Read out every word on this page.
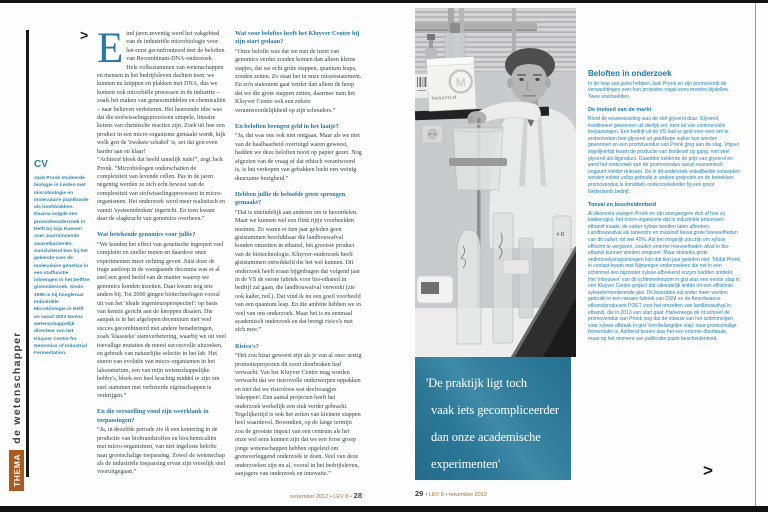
THEMA
de wetenschapper
>

CV

Jack Pronk studeerde biologie in Leiden met microbiologie en moleculaire plantkunde als hoofdvakken. Daarna volgde een promotieonderzoek in Delft bij Gijs Kuenen over zuurminnende zwavelbacteriën. Aansluitend kon hij het geleerde over de moleculaire genetica in een staffunctie inbrengen in het Delftse gistonderzoek. Sinds 1999 is hij hoogleraar Industriële Microbiologie in Delft en vanaf 2003 tevens wetenschappelijk directeur van het Kluyver Centre for Genomics of Industrial Fermentation.

Eind jaren zeventig werd het vakgebied van de industriële microbiologie voor het eerst geconfronteerd met de beloften van Recombinant-DNA-onderzoek. Hele volksstammen van wetenschappen en mensen in het bedrijfsleven dachten toen: we kunnen nu knippen en plakken met DNA, dus we kunnen ook microbiële processen in de industrie – zoals het maken van geneesmiddelen en chemicaliën – naar believen verbeteren. Het heersende idee was dat die stofwisselingsprocessen simpele, lineaire ketens van chemische reacties zijn. Zoek uit hoe een product in een micro-organisme gemaakt wordt, kijk welk gen de 'zwakste schakel' is, zet dat gen even harder aan en klaar!

“Achteraf bleek dat beeld tamelijk naïef”, zegt Jack Pronk. “Microbiologen onderschatten de complexiteit van levende cellen. Pas in de jaren negentig werden ze zich echt bewust van de complexiteit van stofwisselingsprocessen in micro-organismen. Het onderzoek werd meer realistisch en vanuit 'systeemdenken' ingericht. En toen kwam daar de slagkracht van genomics overheen.”

Wat betekende genomics voor jullie?

“We konden het effect van genetische ingrepen veel completer en sneller meten en daardoor onze experimenten meer richting geven. Juist door de trage aanloop in de voorgaande decennia was er al snel een goed beeld van de manier waarop we genomics konden inzetten. Daar kwam nog iets anders bij. Tot 2000 gingen biotechnologen vooral uit van het 'ideale ingenieursperspectief': op basis van kennis gericht aan de knoppen draaien. Die aanpak is in het afgelopen decennium met veel succes gecombineerd met andere benaderingen, zoals 'klassieke' stamverbetering, waarbij we uit veel toevallige mutaties de meest succesvolle uitzoeken, en gebruik van natuurlijke selectie in het lab. Het sturen van evolutie van micro-organismen in het laboratorium, een van mijn wetenschappelijke hobby's, bleek een heel krachtig middel te zijn om snel stammen met verbeterde eigenschappen te verkrijgen.”

En die versnelling vond zijn weerklank in toepassingen?

“Ja, in dezelfde periode zie ik een kentering in de productie van biobrandstoffen en biochemicaliën met micro-organismen, van niet ingeloste belofte naar grootschalige toepassing. Zowel de wetenschap als de industriële toepassing ervan zijn vreselijk snel vooruitgegaan.”

Wat voor beloftes heeft het Kluyver Centre bij zijn start gedaan?

“Onze belofte was dat we met de inzet van genomics verder zouden komen dan alleen kleine stapjes, dat we echt gróte stappen, quantum leaps, zouden zetten. Zo staat het in onze missiestatement. En zo'n statement gaat verder dan alleen de hoop dat we die grote stappen zetten, daarmee nam het Kluyver Centre ook een zekere verantwoordelijkheid op zijn schouders.”

En beloften brengen geld in het laatje?

“Ja, dat was ons ook niet ontgaan. Maar als we niet van de haalbaarheid overtuigd waren geweest, hadden we deze beloften nooit op papier gezet. Nog afgezien van de vraag of dat ethisch verantwoord is, is het verkopen van gebakken lucht een weinig duurzame bezigheid.”

Hebben jullie de beloofde grote sprongen gemaakt?

“Dat is uiteindelijk aan anderen om te beoordelen. Maar we kunnen wel een flink rijtje voorbeelden noemen. Zo waren er tien jaar geleden geen giststammen beschikbaar die landbouwafval konden omzetten in ethanol, hét grootste product van de biotechnologie. Kluyver-onderzoek heeft giststammen ontwikkeld die het wel kunnen. Dit onderzoek heeft eraan bijgedragen dat volgend jaar in de VS de eerste fabriek voor bio-ethanol in bedrijf zal gaan, die landbouwafval verwerkt (zie ook kader, red.). Dat vind ik nu een goed voorbeeld van een quantum leap. En die ambitie hebben we in veel van ons onderzoek. Maar het is nu eenmaal academisch onderzoek en dat brengt risico's met zich mee.”

Risico's?

“Het zou bizar geweest zijn als je van al onze zestig promotieprojecten dit soort doorbraken had verwacht. Van het Kluyver Centre mag worden verwacht dat we risicovolle onderwerpen oppakken en niet dat we risicoloos wat deelvraagjes 'inkoppen'. Een aantal projecten heeft het onderzoek werkelijk een stuk verder gebracht. Tegelijkertijd is ook het zetten van kleinere stappen heel waardevol. Bovendien, op de lange termijn zou de grootste impact van een centrum als het onze wel eens kunnen zijn dat we een forse groep jonge wetenschappen hebben opgeleid om grensverleggend onderzoek te doen. Veel van deze onderzoeken zijn nu al, vooral in het bedrijfsleven, aanjagers van onderzoek en innovatie.”

november 2012 • LEV 8 • 28
M
PARAFILM
4 R
'De praktijk ligt toch
vaak iets gecompliceerder
dan onze academische
experimenten'

Beloften in onderzoek

In de loop van jaren hebben Jack Pronk en zijn promovendi de verwachtingen over hun projecten nogal eens moeten bijstellen. Twee voorbeelden.

De invloed van de markt

Rond de eeuwwisseling was de stof glycerol duur. Glycerol, traditioneel gewonnen uit dierlijk vet, kent tal van commerciële toepassingen. Een bedrijf uit de VS had er geld voor over om te onderzoeken hoe glycerol uit goedkope suiker kon worden gewonnen en een promovendus van Pronk ging aan de slag. Vrijwel tegelijkertijd kwam de productie van biodiesel op gang, met veel glycerol als bijproduct. Daardoor kelderde de prijs van glycerol en werd het onderzoek van de promovendus vanuit economisch oogpunt minder relevant. De in dit onderzoek ontwikkelde concepten worden echter volop gebruikt in andere projecten en de betrokken promovendus is inmiddels onderzoeksleider bij een groot Nederlands bedrijf.

Toeval en bescheidenheid

Al decennia vroegen Pronk en zijn voorgangers zich af hoe zij bakkersgist, het micro-organisme dat in industriële processen ethanol maakt, de suiker xylose konden laten afbreken. Landbouwafval als tarwestro en maïsloof bevat grote hoeveelheden van dit suiker, tot wel 40%. Als het mogelijk zou zijn om xylose efficiënt te vergisten, zouden enorme hoeveelheden afval in bio-ethanol kunnen worden omgezet. Maar ondanks grote onderzoeksinspanningen kon dat tien jaar geleden niet. Totdat Pronk in contact kwam met Nijmeegse onderzoekers die net in een schimmel een bijzonder xylose-afbrekend enzym hadden ontdekt. Het 'inbouwen' van dit schimmelenzym in gist was een eerste stap in een Kluyver Centre project dat uiteindelijk leidde tot een efficiënte xylosefermenterende gist. Dit basisidee zal onder meer worden gebruikt in een nieuwe fabriek van DSM en de Amerikaanse ethanolproducent POET voor het omzetten van landbouwafval in ethanol, die in 2013 van start gaat. Halverwege de rit schreef de promovendus van Pronk nog dat de inbouw van het schimmelgen voor xylose-afbraak in gist 'een belangrijke stap' naar grootschalige fermentatie is. Achteraf bezien was het een enorme doorbraak, maar op het moment van publicatie paste bescheidenheid.

29 • LEV 8 • november 2012
>
